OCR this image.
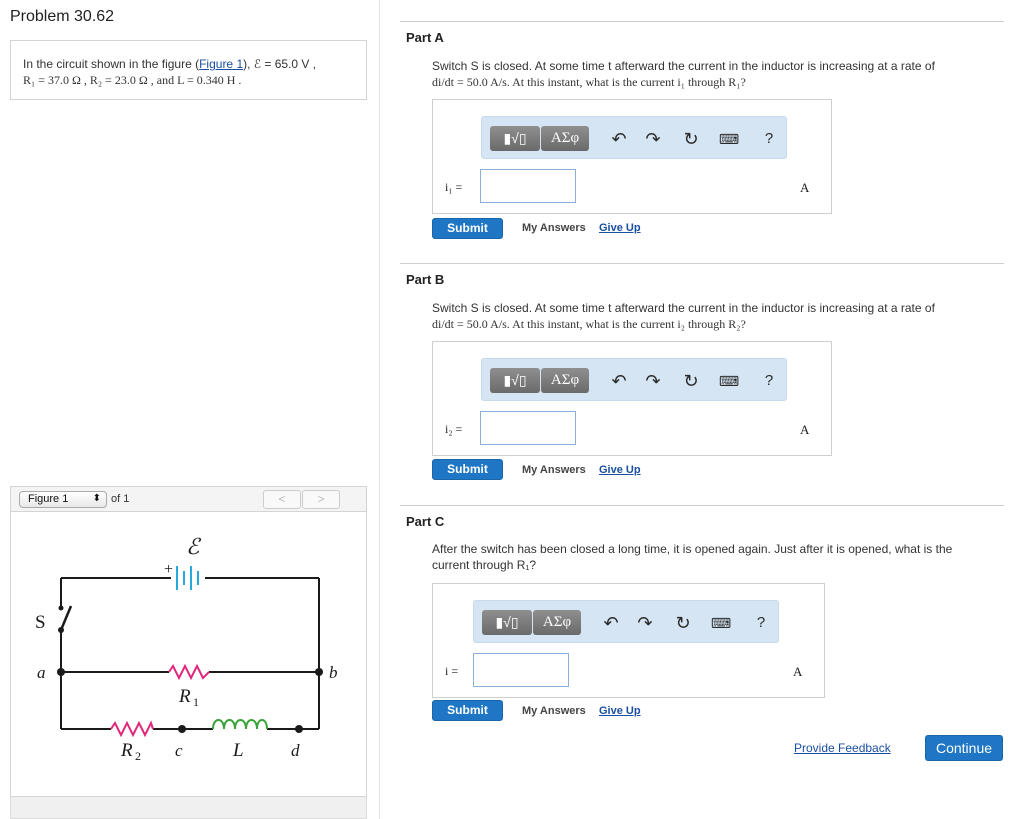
Problem 30.62
In the circuit shown in the figure (Figure 1), ℰ = 65.0 V ,
R₁ = 37.0 Ω , R₂ = 23.0 Ω , and L = 0.340 H .
Figure 1 ⬍ of 1	<	>
ℰ
+
S
a	b
R 1
R 2 c	L	d
Part A
Switch S is closed. At some time t afterward the current in the inductor is increasing at a rate of
di/dt = 50.0 A/s. At this instant, what is the current i₁ through R₁?
▮√▯	ΑΣφ	↶ ↷ ↻ ⌨	?
i₁ =	A
Submit	My Answers Give Up
Part B
Switch S is closed. At some time t afterward the current in the inductor is increasing at a rate of
di/dt = 50.0 A/s. At this instant, what is the current i₂ through R₂?
▮√▯	ΑΣφ	↶ ↷ ↻ ⌨	?
i₂ =	A
Submit	My Answers Give Up
Part C
After the switch has been closed a long time, it is opened again. Just after it is opened, what is the
current through R₁?
▮√▯	ΑΣφ	↶ ↷ ↻ ⌨	?
i =	A
Submit	My Answers Give Up
Provide Feedback	Continue
